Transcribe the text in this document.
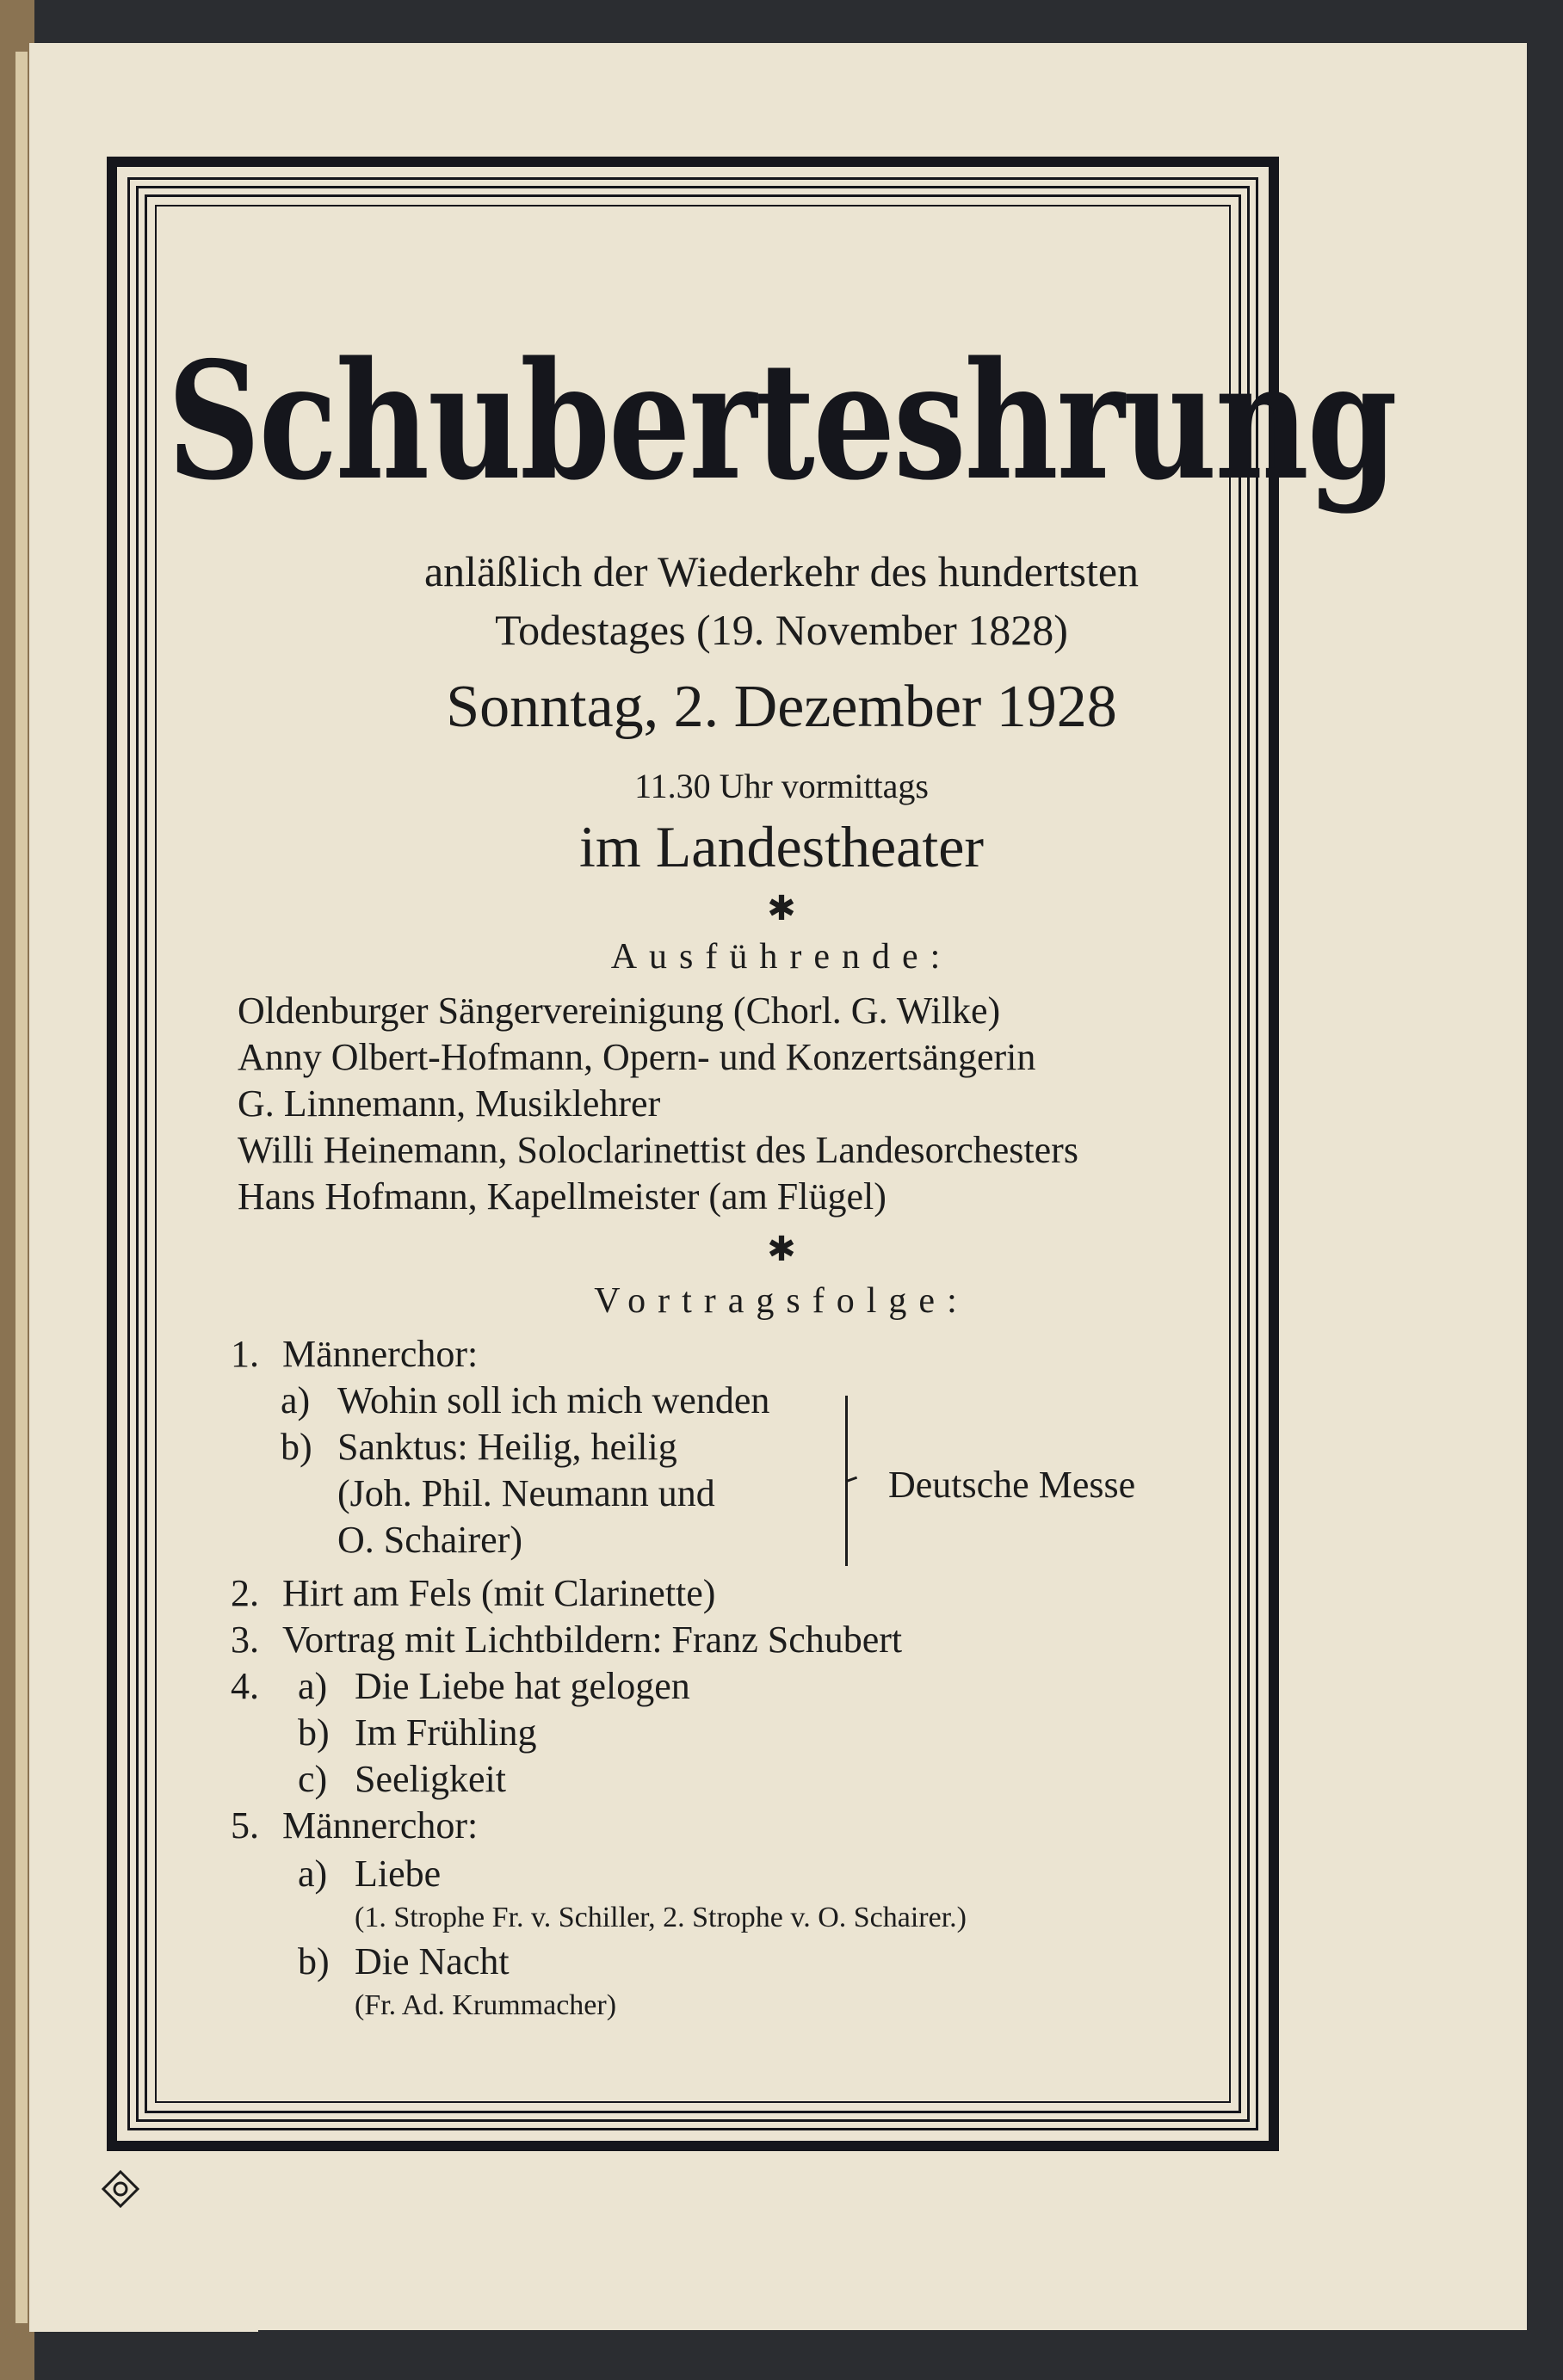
Schuberteshrung
anläßlich der Wiederkehr des hundertsten
Todestages (19. November 1828)
Sonntag, 2. Dezember 1928
11.30 Uhr vormittags
im Landestheater
✱
Ausführende:
Oldenburger Sängervereinigung (Chorl. G. Wilke)
Anny Olbert-Hofmann, Opern- und Konzertsängerin
G. Linnemann, Musiklehrer
Willi Heinemann, Soloclarinettist des Landesorchesters
Hans Hofmann, Kapellmeister (am Flügel)
✱
Vortragsfolge:
1. Männerchor:
a) Wohin soll ich mich wenden
b) Sanktus: Heilig, heilig
(Joh. Phil. Neumann und
O. Schairer)
Deutsche Messe
2. Hirt am Fels (mit Clarinette)
3. Vortrag mit Lichtbildern: Franz Schubert
4. a) Die Liebe hat gelogen
b) Im Frühling
c) Seeligkeit
5. Männerchor:
a) Liebe
(1. Strophe Fr. v. Schiller, 2. Strophe v. O. Schairer.)
b) Die Nacht
(Fr. Ad. Krummacher)
